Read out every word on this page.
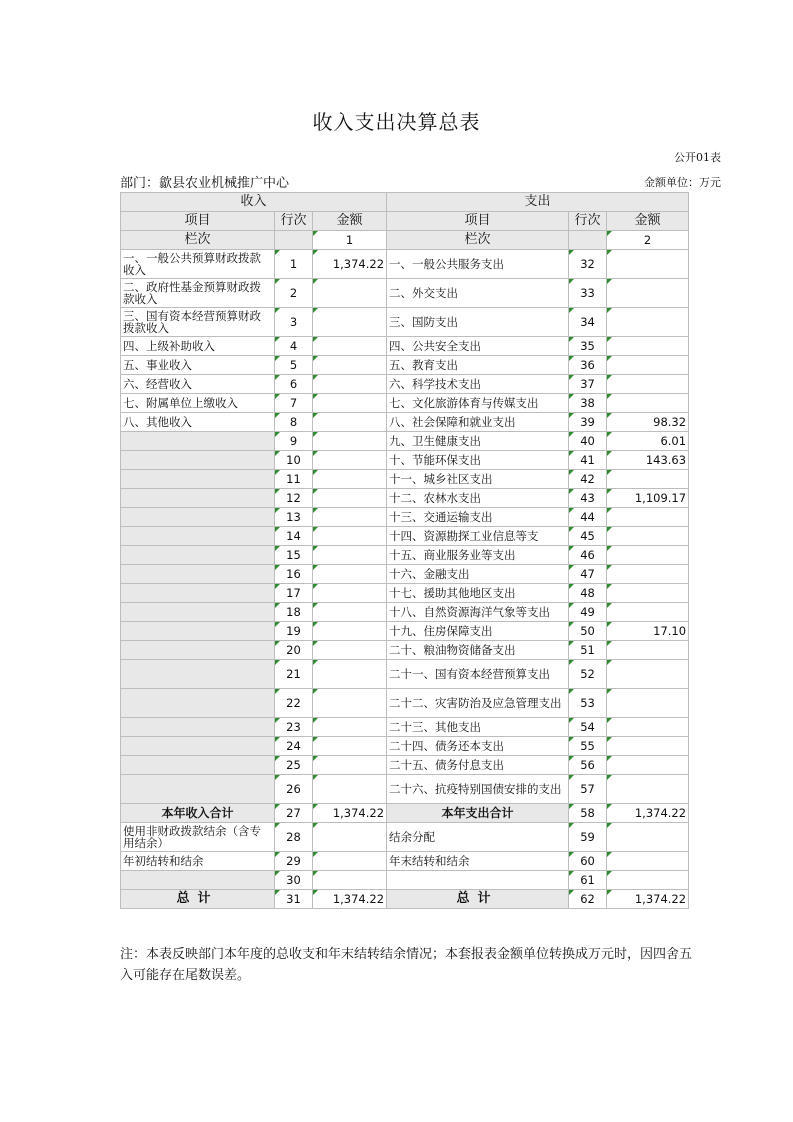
收入支出决算总表
公开01表
部门：歙县农业机械推广中心	金额单位：万元
收入			支出		
项目	行次	金额	项目	行次	金额
栏次		1	栏次		2
一、一般公共预算财政拨款收入	1	1,374.22	一、一般公共服务支出	32	
二、政府性基金预算财政拨款收入	2		二、外交支出	33	
三、国有资本经营预算财政拨款收入	3		三、国防支出	34	
四、上级补助收入	4		四、公共安全支出	35	
五、事业收入	5		五、教育支出	36	
六、经营收入	6		六、科学技术支出	37	
七、附属单位上缴收入	7		七、文化旅游体育与传媒支出	38	
八、其他收入	8		八、社会保障和就业支出	39	98.32
	9		九、卫生健康支出	40	6.01
	10		十、节能环保支出	41	143.63
	11		十一、城乡社区支出	42	
	12		十二、农林水支出	43	1,109.17
	13		十三、交通运输支出	44	
	14		十四、资源勘探工业信息等支	45	
	15		十五、商业服务业等支出	46	
	16		十六、金融支出	47	
	17		十七、援助其他地区支出	48	
	18		十八、自然资源海洋气象等支出	49	
	19		十九、住房保障支出	50	17.10
	20		二十、粮油物资储备支出	51	
	21		二十一、国有资本经营预算支出	52	
	22		二十二、灾害防治及应急管理支出	53	
	23		二十三、其他支出	54	
	24		二十四、债务还本支出	55	
	25		二十五、债务付息支出	56	
	26		二十六、抗疫特别国债安排的支出	57	
本年收入合计	27	1,374.22	本年支出合计	58	1,374.22
使用非财政拨款结余（含专用结余）	28		结余分配	59	
年初结转和结余	29		年末结转和结余	60	
	30			61	
总计	31	1,374.22	总计	62	1,374.22
注：本表反映部门本年度的总收支和年末结转结余情况；本套报表金额单位转换成万元时，因四舍五入可能存在尾数误差。
